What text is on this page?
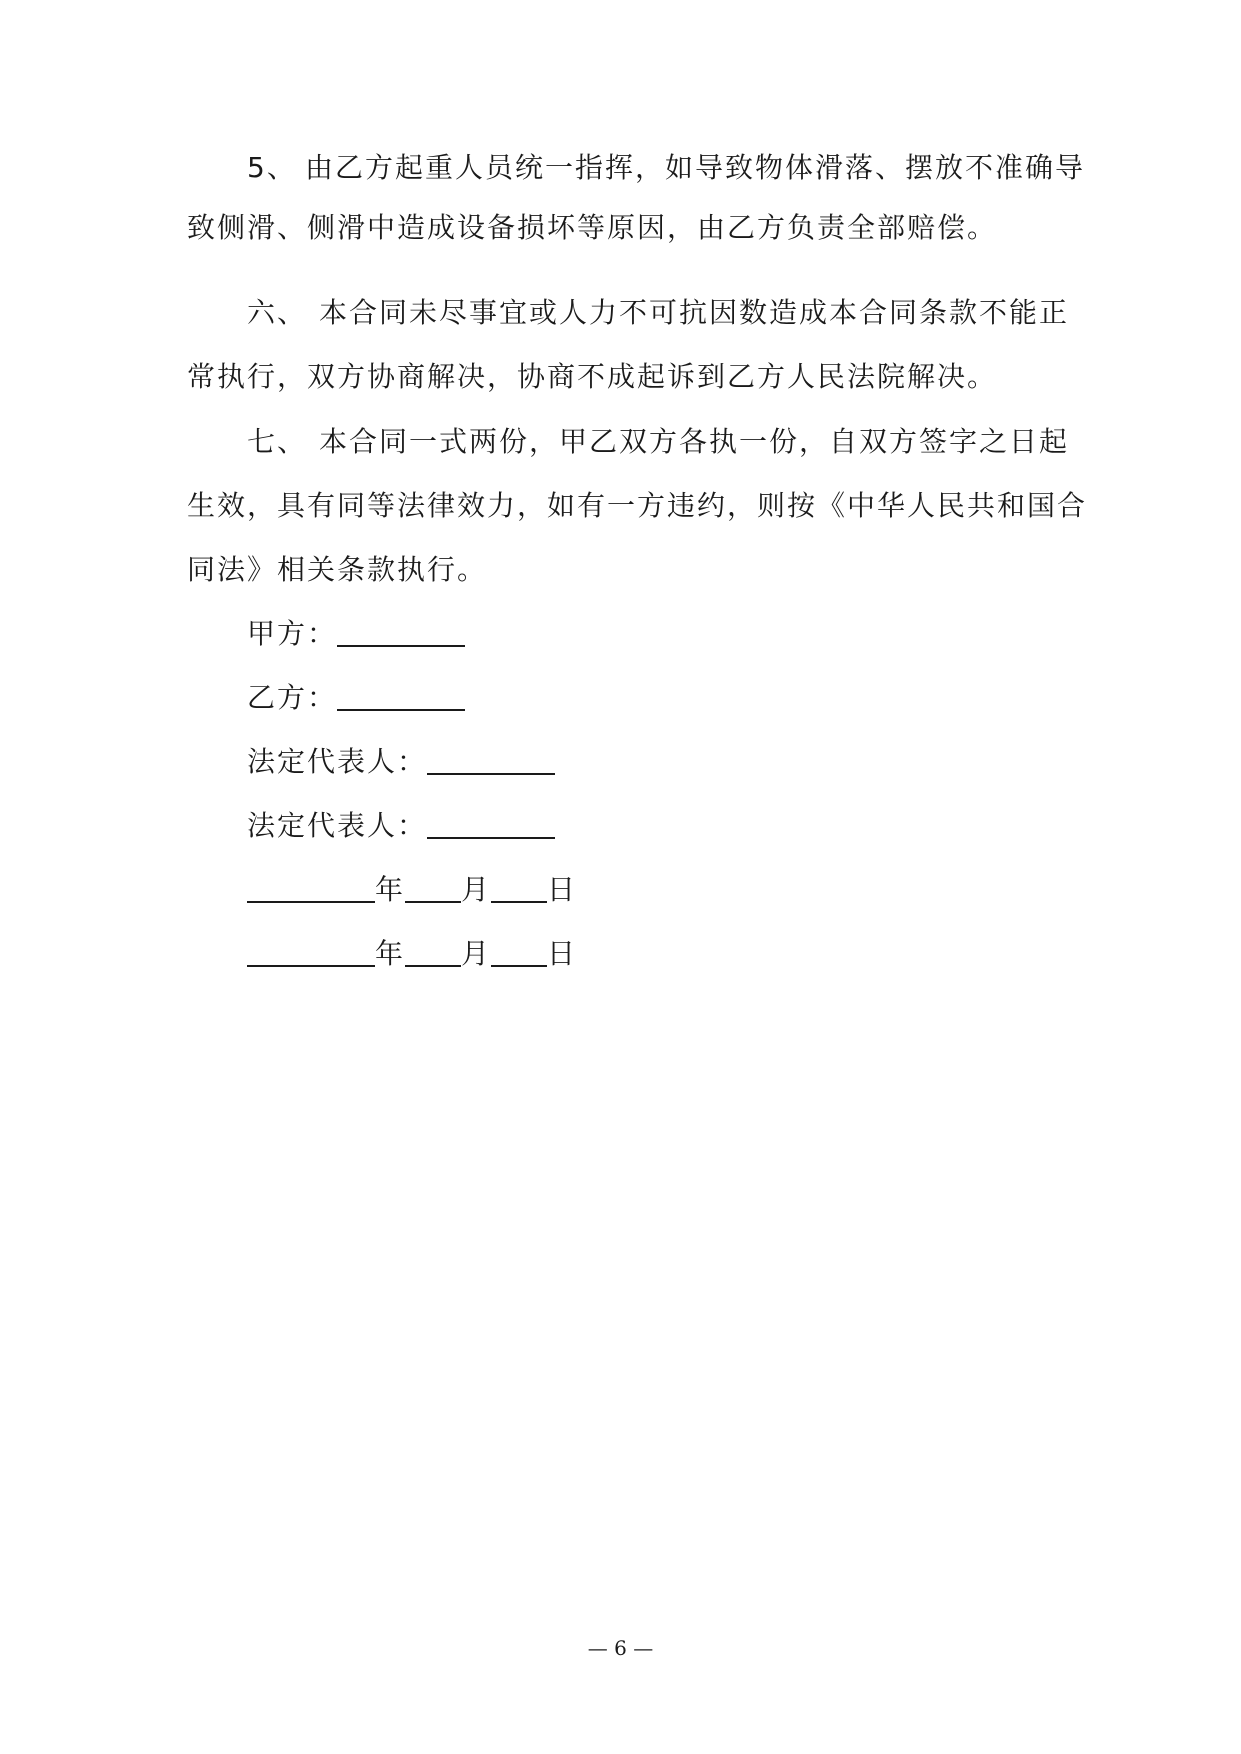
5、 由乙方起重人员统一指挥，如导致物体滑落、摆放不准确导
致侧滑、侧滑中造成设备损坏等原因，由乙方负责全部赔偿。
六、 本合同未尽事宜或人力不可抗因数造成本合同条款不能正
常执行，双方协商解决，协商不成起诉到乙方人民法院解决。
七、 本合同一式两份，甲乙双方各执一份，自双方签字之日起
生效，具有同等法律效力，如有一方违约，则按《中华人民共和国合
同法》相关条款执行。
甲方：
乙方：
法定代表人：
法定代表人：
年 月 日
年 月 日
— 6 —
